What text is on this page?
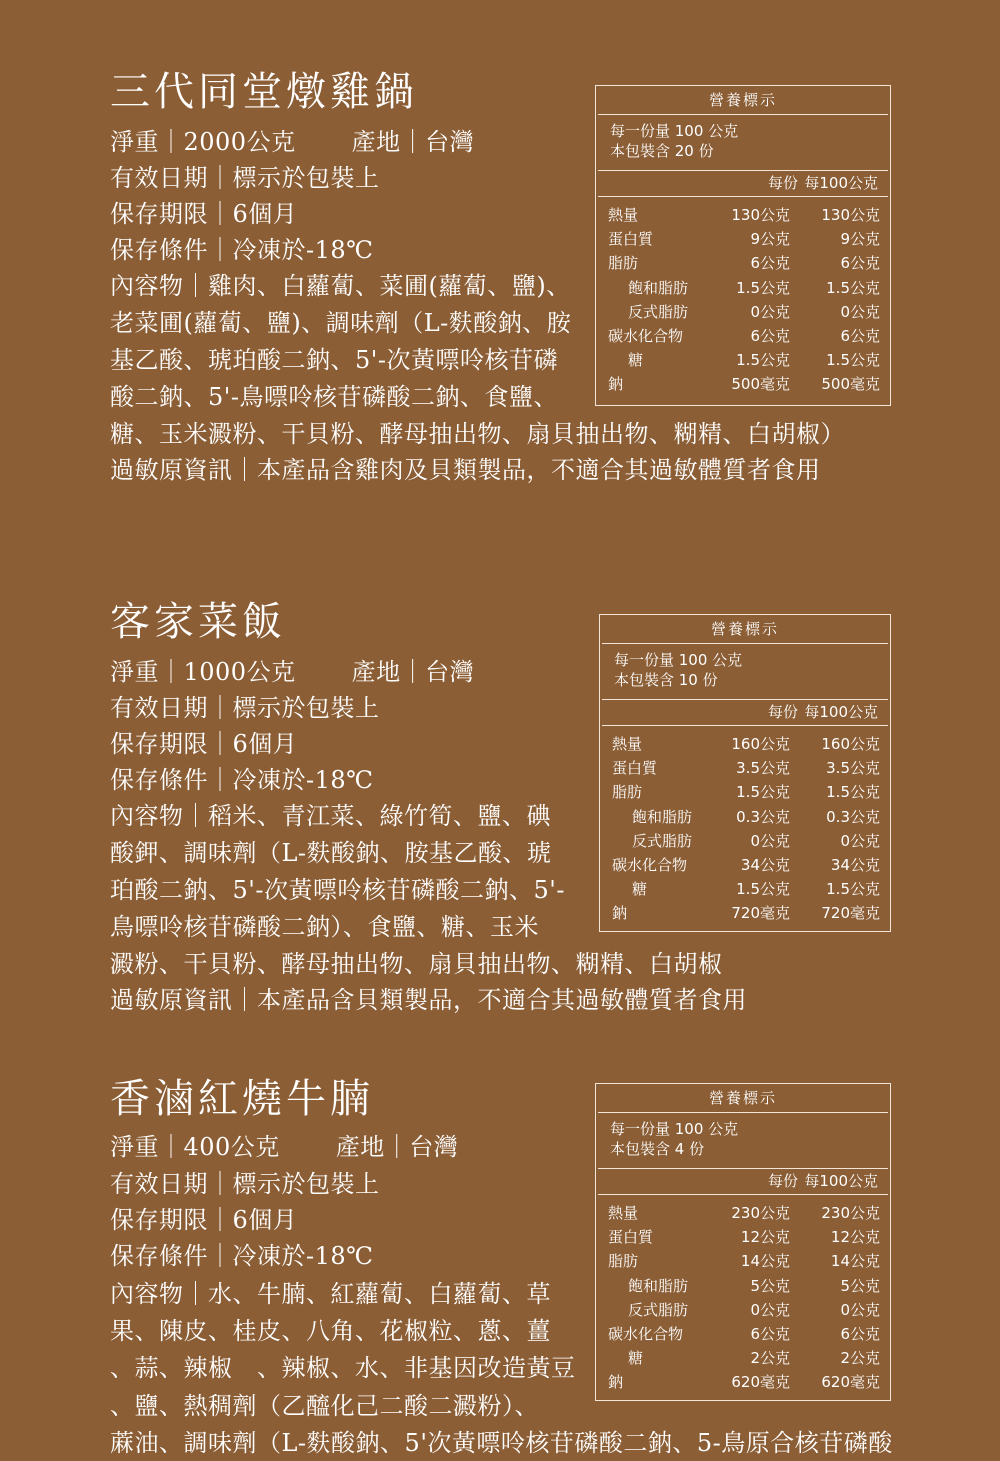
三代同堂燉雞鍋
淨重｜2000公克 產地｜台灣
有效日期｜標示於包裝上
保存期限｜6個月
保存條件｜冷凍於-18℃
內容物｜雞肉、白蘿蔔、菜圃(蘿蔔、鹽)、
老菜圃(蘿蔔、鹽)、調味劑（L-麩酸鈉、胺
基乙酸、琥珀酸二鈉、5'-次黃嘌呤核苷磷
酸二鈉、5'-鳥嘌呤核苷磷酸二鈉、食鹽、
糖、玉米澱粉、干貝粉、酵母抽出物、扇貝抽出物、糊精、白胡椒）
過敏原資訊｜本產品含雞肉及貝類製品，不適合其過敏體質者食用
營養標示
每一份量 100 公克
本包裝含 20 份
每份 每100公克
熱量	130公克 130公克
蛋白質	9公克	9公克
脂肪	6公克	6公克
飽和脂肪	1.5公克 1.5公克
反式脂肪	0公克	0公克
碳水化合物	6公克	6公克
糖	1.5公克 1.5公克
鈉	500毫克 500毫克
客家菜飯
淨重｜1000公克 產地｜台灣
有效日期｜標示於包裝上
保存期限｜6個月
保存條件｜冷凍於-18℃
內容物｜稻米、青江菜、綠竹筍、鹽、碘
酸鉀、調味劑（L-麩酸鈉、胺基乙酸、琥
珀酸二鈉、5'-次黃嘌呤核苷磷酸二鈉、5'-
鳥嘌呤核苷磷酸二鈉）、食鹽、糖、玉米
澱粉、干貝粉、酵母抽出物、扇貝抽出物、糊精、白胡椒
過敏原資訊｜本產品含貝類製品，不適合其過敏體質者食用
營養標示
每一份量 100 公克
本包裝含 10 份
每份 每100公克
熱量	160公克 160公克
蛋白質	3.5公克 3.5公克
脂肪	1.5公克 1.5公克
飽和脂肪	0.3公克 0.3公克
反式脂肪	0公克	0公克
碳水化合物	34公克	34公克
糖	1.5公克 1.5公克
鈉	720毫克 720毫克
香滷紅燒牛腩
淨重｜400公克 產地｜台灣
有效日期｜標示於包裝上
保存期限｜6個月
保存條件｜冷凍於-18℃
內容物｜水、牛腩、紅蘿蔔、白蘿蔔、草
果、陳皮、桂皮、八角、花椒粒、蔥、薑
、蒜、辣椒　、辣椒、水、非基因改造黃豆
、鹽、熱稠劑（乙醯化己二酸二澱粉）、
蔴油、調味劑（L-麩酸鈉、5'次黃嘌呤核苷磷酸二鈉、5-鳥原合核苷磷酸
營養標示
每一份量 100 公克
本包裝含 4 份
每份 每100公克
熱量	230公克 230公克
蛋白質	12公克	12公克
脂肪	14公克	14公克
飽和脂肪	5公克	5公克
反式脂肪	0公克	0公克
碳水化合物	6公克	6公克
糖	2公克	2公克
鈉	620毫克 620毫克
